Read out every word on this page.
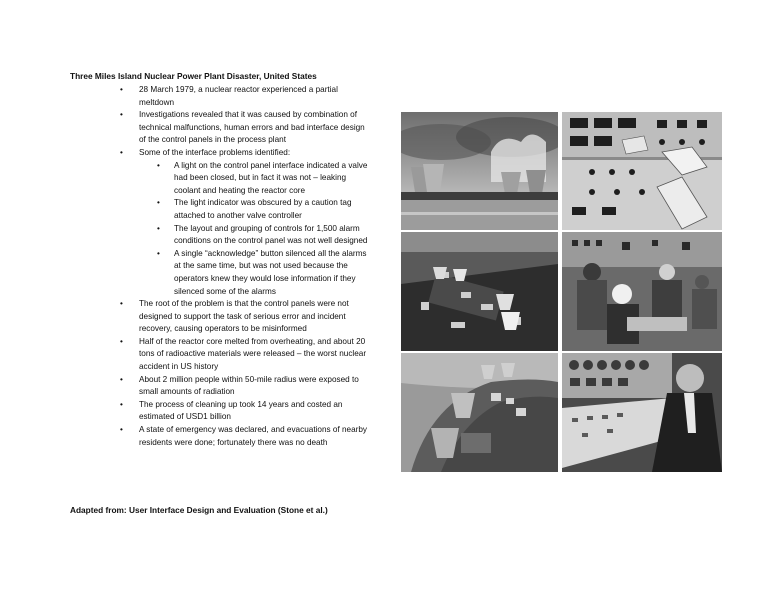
Three Miles Island Nuclear Power Plant Disaster, United States
• 28 March 1979, a nuclear reactor experienced a partial meltdown
• Investigations revealed that it was caused by combination of technical malfunctions, human errors and bad interface design of the control panels in the process plant
• Some of the interface problems identified:
• A light on the control panel interface indicated a valve had been closed, but in fact it was not – leaking coolant and heating the reactor core
• The light indicator was obscured by a caution tag attached to another valve controller
• The layout and grouping of controls for 1,500 alarm conditions on the control panel was not well designed
• A single “acknowledge” button silenced all the alarms at the same time, but was not used because the operators knew they would lose information if they silenced some of the alarms
• The root of the problem is that the control panels were not designed to support the task of serious error and incident recovery, causing operators to be misinformed
• Half of the reactor core melted from overheating, and about 20 tons of radioactive materials were released – the worst nuclear accident in US history
• About 2 million people within 50-mile radius were exposed to small amounts of radiation
• The process of cleaning up took 14 years and costed an estimated of USD1 billion
• A state of emergency was declared, and evacuations of nearby residents were done; fortunately there was no death
Adapted from: User Interface Design and Evaluation (Stone et al.)
